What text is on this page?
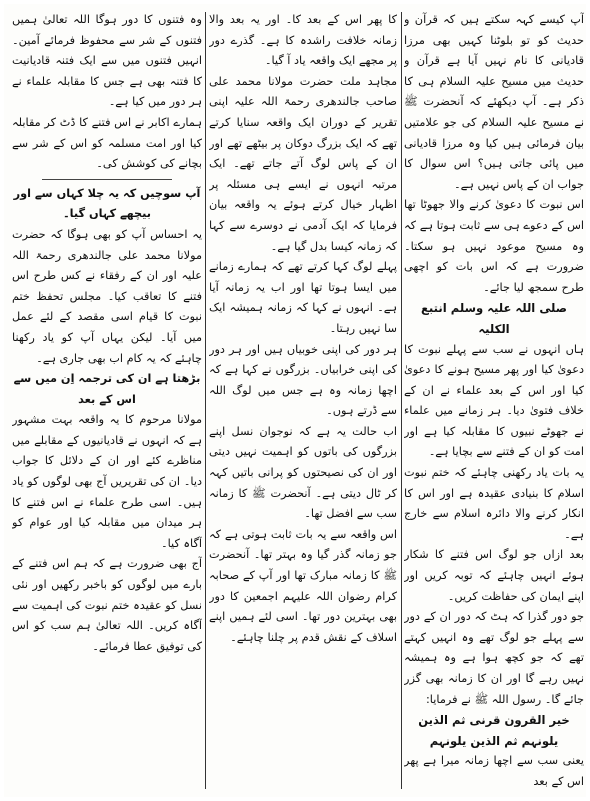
آپ کیسے کہہ سکتے ہیں کہ قرآن و حدیث کو تو بلوٹنا کہیں بھی مرزا قادیانی کا نام نہیں آیا ہے قرآن و حدیث میں مسیح علیہ السلام ہی کا ذکر ہے۔ آپ دیکھئے کہ آنحضرت ﷺ نے مسیح علیہ السلام کی جو علامتیں بیان فرمائی ہیں کیا وہ مرزا قادیانی میں پائی جاتی ہیں؟ اس سوال کا جواب ان کے پاس نہیں ہے۔

اس نبوت کا دعویٰ کرنے والا جھوٹا تھا اس کے دعوے ہی سے ثابت ہوتا ہے کہ وہ مسیح موعود نہیں ہو سکتا۔ ضرورت ہے کہ اس بات کو اچھی طرح سمجھ لیا جائے۔

صلی اللہ علیہ وسلم انتبع الکلیہ

ہاں انہوں نے سب سے پہلے نبوت کا دعویٰ کیا اور پھر مسیح ہونے کا دعویٰ کیا اور اس کے بعد علماء نے ان کے خلاف فتویٰ دیا۔ ہر زمانے میں علماء نے جھوٹے نبیوں کا مقابلہ کیا ہے اور امت کو ان کے فتنے سے بچایا ہے۔

یہ بات یاد رکھنی چاہئے کہ ختم نبوت اسلام کا بنیادی عقیدہ ہے اور اس کا انکار کرنے والا دائرہ اسلام سے خارج ہے۔

بعد ازاں جو لوگ اس فتنے کا شکار ہوئے انہیں چاہئے کہ توبہ کریں اور اپنے ایمان کی حفاظت کریں۔

جو دور گذرا کہ ہٹ کہ دور ان کے دور سے پہلے جو لوگ تھے وہ انہیں کہتے تھے کہ جو کچھ ہوا ہے وہ ہمیشہ نہیں رہے گا اور ان کا زمانہ بھی گزر جائے گا۔ رسول اللہ ﷺ نے فرمایا:

خیر القرون قرنی ثم الذین یلونہم ثم الذین یلونہم

یعنی سب سے اچھا زمانہ میرا ہے پھر اس کے بعد

کا پھر اس کے بعد کا۔ اور یہ بعد والا زمانہ خلافت راشدہ کا ہے۔ گذرے دور پر مجھے ایک واقعہ یاد آ گیا۔

مجاہد ملت حضرت مولانا محمد علی صاحب جالندھری رحمۃ اللہ علیہ اپنی تقریر کے دوران ایک واقعہ سنایا کرتے تھے کہ ایک بزرگ دوکان پر بیٹھے تھے اور ان کے پاس لوگ آتے جاتے تھے۔ ایک مرتبہ انہوں نے ایسے ہی مسئلہ پر اظہار خیال کرتے ہوئے یہ واقعہ بیان فرمایا کہ ایک آدمی نے دوسرے سے کہا کہ زمانہ کیسا بدل گیا ہے۔

پہلے لوگ کہا کرتے تھے کہ ہمارے زمانے میں ایسا ہوتا تھا اور اب یہ زمانہ آیا ہے۔ انہوں نے کہا کہ زمانہ ہمیشہ ایک سا نہیں رہتا۔

ہر دور کی اپنی خوبیاں ہیں اور ہر دور کی اپنی خرابیاں۔ بزرگوں نے کہا ہے کہ اچھا زمانہ وہ ہے جس میں لوگ اللہ سے ڈرتے ہوں۔

اب حالت یہ ہے کہ نوجوان نسل اپنے بزرگوں کی باتوں کو اہمیت نہیں دیتی اور ان کی نصیحتوں کو پرانی باتیں کہہ کر ٹال دیتی ہے۔ آنحضرت ﷺ کا زمانہ سب سے افضل تھا۔

اس واقعہ سے یہ بات ثابت ہوتی ہے کہ جو زمانہ گذر گیا وہ بہتر تھا۔ آنحضرت ﷺ کا زمانہ مبارک تھا اور آپ کے صحابہ کرام رضوان اللہ علیہم اجمعین کا دور بھی بہترین دور تھا۔ اسی لئے ہمیں اپنے اسلاف کے نقش قدم پر چلنا چاہئے۔

وہ فتنوں کا دور ہوگا اللہ تعالیٰ ہمیں فتنوں کے شر سے محفوظ فرمائے آمین۔ انہیں فتنوں میں سے ایک فتنہ قادیانیت کا فتنہ بھی ہے جس کا مقابلہ علماء نے ہر دور میں کیا ہے۔

ہمارے اکابر نے اس فتنے کا ڈٹ کر مقابلہ کیا اور امت مسلمہ کو اس کے شر سے بچانے کی کوشش کی۔

آپ سوچیں کہ یہ چلا کہاں سے اور بیچھے کہاں گیا۔

یہ احساس آپ کو بھی ہوگا کہ حضرت مولانا محمد علی جالندھری رحمۃ اللہ علیہ اور ان کے رفقاء نے کس طرح اس فتنے کا تعاقب کیا۔ مجلس تحفظ ختم نبوت کا قیام اسی مقصد کے لئے عمل میں آیا۔ لیکن یہاں آپ کو یاد رکھنا چاہئے کہ یہ کام اب بھی جاری ہے۔

بڑھتا ہے ان کی ترجمہ اِن میں سے اس کے بعد

مولانا مرحوم کا یہ واقعہ بہت مشہور ہے کہ انہوں نے قادیانیوں کے مقابلے میں مناظرے کئے اور ان کے دلائل کا جواب دیا۔ ان کی تقریریں آج بھی لوگوں کو یاد ہیں۔ اسی طرح علماء نے اس فتنے کا ہر میدان میں مقابلہ کیا اور عوام کو آگاہ کیا۔

آج بھی ضرورت ہے کہ ہم اس فتنے کے بارے میں لوگوں کو باخبر رکھیں اور نئی نسل کو عقیدہ ختم نبوت کی اہمیت سے آگاہ کریں۔ اللہ تعالیٰ ہم سب کو اس کی توفیق عطا فرمائے۔
